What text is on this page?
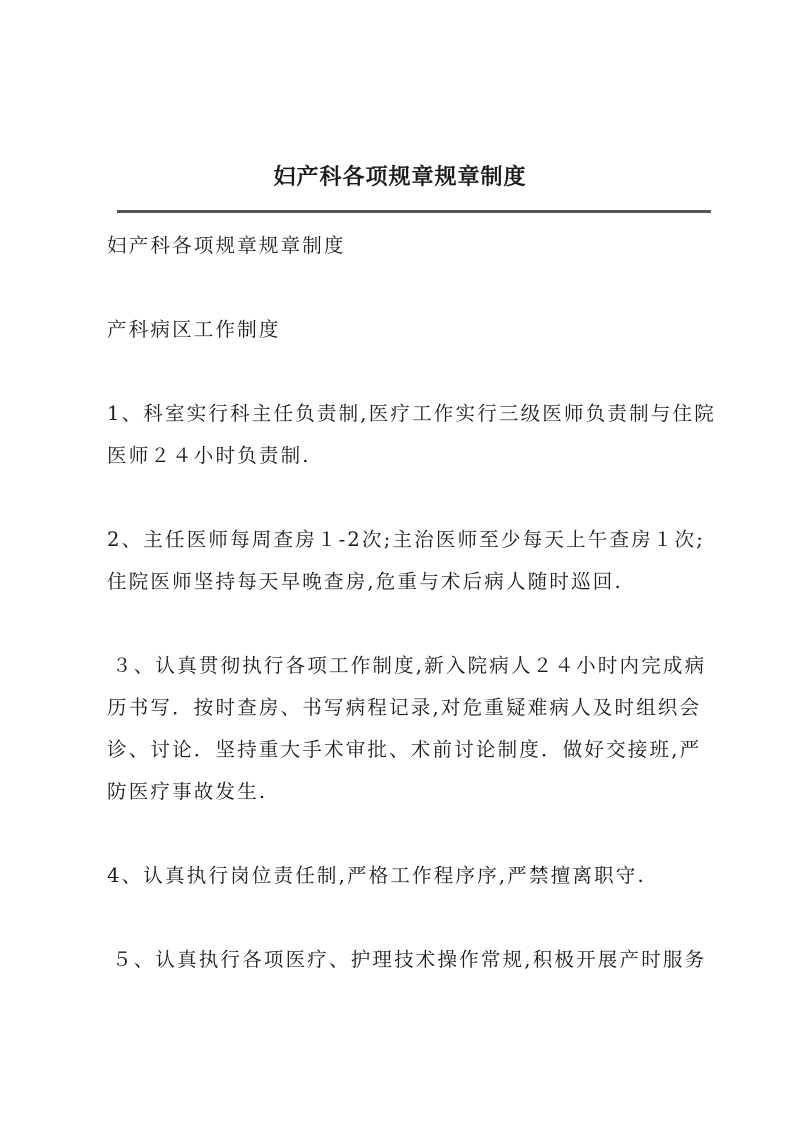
妇产科各项规章规章制度

妇产科各项规章规章制度

产科病区工作制度

1、科室实行科主任负责制,医疗工作实行三级医师负责制与住院

医师２４小时负责制.

2、主任医师每周查房１-2次;主治医师至少每天上午查房１次;

住院医师坚持每天早晚查房,危重与术后病人随时巡回.

３、认真贯彻执行各项工作制度,新入院病人２４小时内完成病

历书写．按时查房、书写病程记录,对危重疑难病人及时组织会

诊、讨论．坚持重大手术审批、术前讨论制度．做好交接班,严

防医疗事故发生.

4、认真执行岗位责任制,严格工作程序序,严禁擅离职守.

５、认真执行各项医疗、护理技术操作常规,积极开展产时服务
